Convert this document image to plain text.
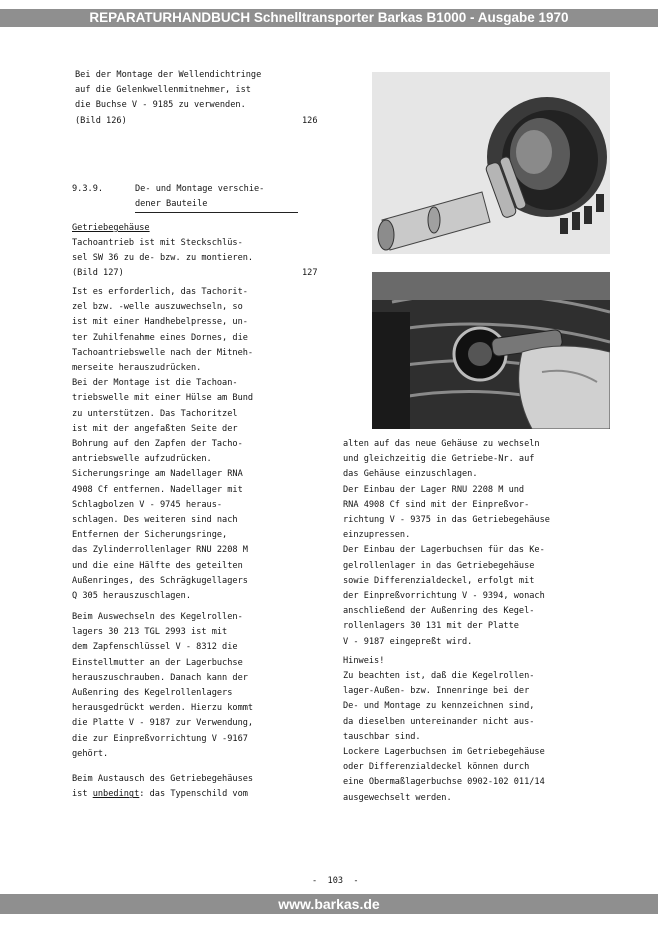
REPARATURHANDBUCH Schnelltransporter Barkas B1000 - Ausgabe 1970
Bei der Montage der Wellendichtringe
auf die Gelenkwellenmitnehmer, ist
die Buchse V - 9185 zu verwenden.
(Bild 126)	126
9.3.9.	De- und Montage verschie-
dener Bauteile
Getriebegehäuse
Tachoantrieb ist mit Steckschlüs-
sel SW 36 zu de- bzw. zu montieren.
(Bild 127)	127
Ist es erforderlich, das Tachorit-
zel bzw. -welle auszuwechseln, so
ist mit einer Handhebelpresse, un-
ter Zuhilfenahme eines Dornes, die
Tachoantriebswelle nach der Mitneh-
merseite herauszudrücken.
Bei der Montage ist die Tachoan-
triebswelle mit einer Hülse am Bund
zu unterstützen. Das Tachoritzel
ist mit der angefaßten Seite der
Bohrung auf den Zapfen der Tacho-
antriebswelle aufzudrücken.
Sicherungsringe am Nadellager RNA
4908 Cf entfernen. Nadellager mit
Schlagbolzen V - 9745 heraus-
schlagen. Des weiteren sind nach
Entfernen der Sicherungsringe,
das Zylinderrollenlager RNU 2208 M
und die eine Hälfte des geteilten
Außenringes, des Schrägkugellagers
Q 305 herauszuschlagen.
Beim Auswechseln des Kegelrollen-
lagers 30 213 TGL 2993 ist mit
dem Zapfenschlüssel V - 8312 die
Einstellmutter an der Lagerbuchse
herauszuschrauben. Danach kann der
Außenring des Kegelrollenlagers
herausgedrückt werden. Hierzu kommt
die Platte V - 9187 zur Verwendung,
die zur Einpreßvorrichtung V -9167
gehört.
Beim Austausch des Getriebegehäuses
ist unbedingt: das Typenschild vom
alten auf das neue Gehäuse zu wechseln
und gleichzeitig die Getriebe-Nr. auf
das Gehäuse einzuschlagen.
Der Einbau der Lager RNU 2208 M und
RNA 4908 Cf sind mit der Einpreßvor-
richtung V - 9375 in das Getriebegehäuse
einzupressen.
Der Einbau der Lagerbuchsen für das Ke-
gelrollenlager in das Getriebegehäuse
sowie Differenzialdeckel, erfolgt mit
der Einpreßvorrichtung V - 9394, wonach
anschließend der Außenring des Kegel-
rollenlagers 30 131 mit der Platte
V - 9187 eingepreßt wird.
Hinweis!
Zu beachten ist, daß die Kegelrollen-
lager-Außen- bzw. Innenringe bei der
De- und Montage zu kennzeichnen sind,
da dieselben untereinander nicht aus-
tauschbar sind.
Lockere Lagerbuchsen im Getriebegehäuse
oder Differenzialdeckel können durch
eine Obermaßlagerbuchse 0902-102 011/14
ausgewechselt werden.
-  103  -
www.barkas.de
